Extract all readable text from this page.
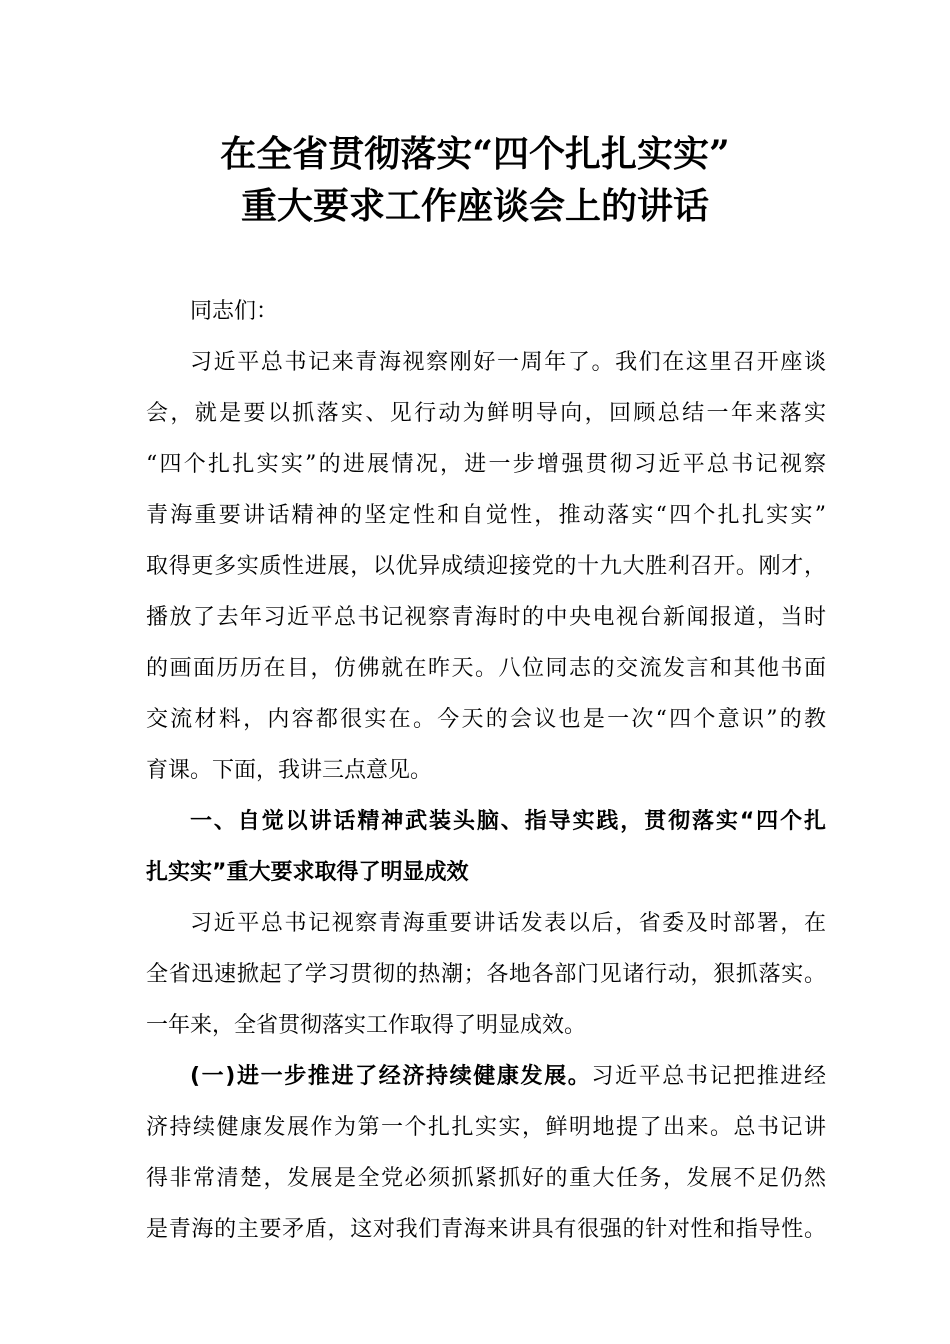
在全省贯彻落实“四个扎扎实实”
重大要求工作座谈会上的讲话
同志们：
习近平总书记来青海视察刚好一周年了。我们在这里召开座谈
会，就是要以抓落实、见行动为鲜明导向，回顾总结一年来落实
“四个扎扎实实”的进展情况，进一步增强贯彻习近平总书记视察
青海重要讲话精神的坚定性和自觉性，推动落实“四个扎扎实实”
取得更多实质性进展，以优异成绩迎接党的十九大胜利召开。刚才，
播放了去年习近平总书记视察青海时的中央电视台新闻报道，当时
的画面历历在目，仿佛就在昨天。八位同志的交流发言和其他书面
交流材料，内容都很实在。今天的会议也是一次“四个意识”的教
育课。下面，我讲三点意见。
一、自觉以讲话精神武装头脑、指导实践，贯彻落实“四个扎
扎实实”重大要求取得了明显成效
习近平总书记视察青海重要讲话发表以后，省委及时部署，在
全省迅速掀起了学习贯彻的热潮；各地各部门见诸行动，狠抓落实。
一年来，全省贯彻落实工作取得了明显成效。
(一)进一步推进了经济持续健康发展。习近平总书记把推进经
济持续健康发展作为第一个扎扎实实，鲜明地提了出来。总书记讲
得非常清楚，发展是全党必须抓紧抓好的重大任务，发展不足仍然
是青海的主要矛盾，这对我们青海来讲具有很强的针对性和指导性。
